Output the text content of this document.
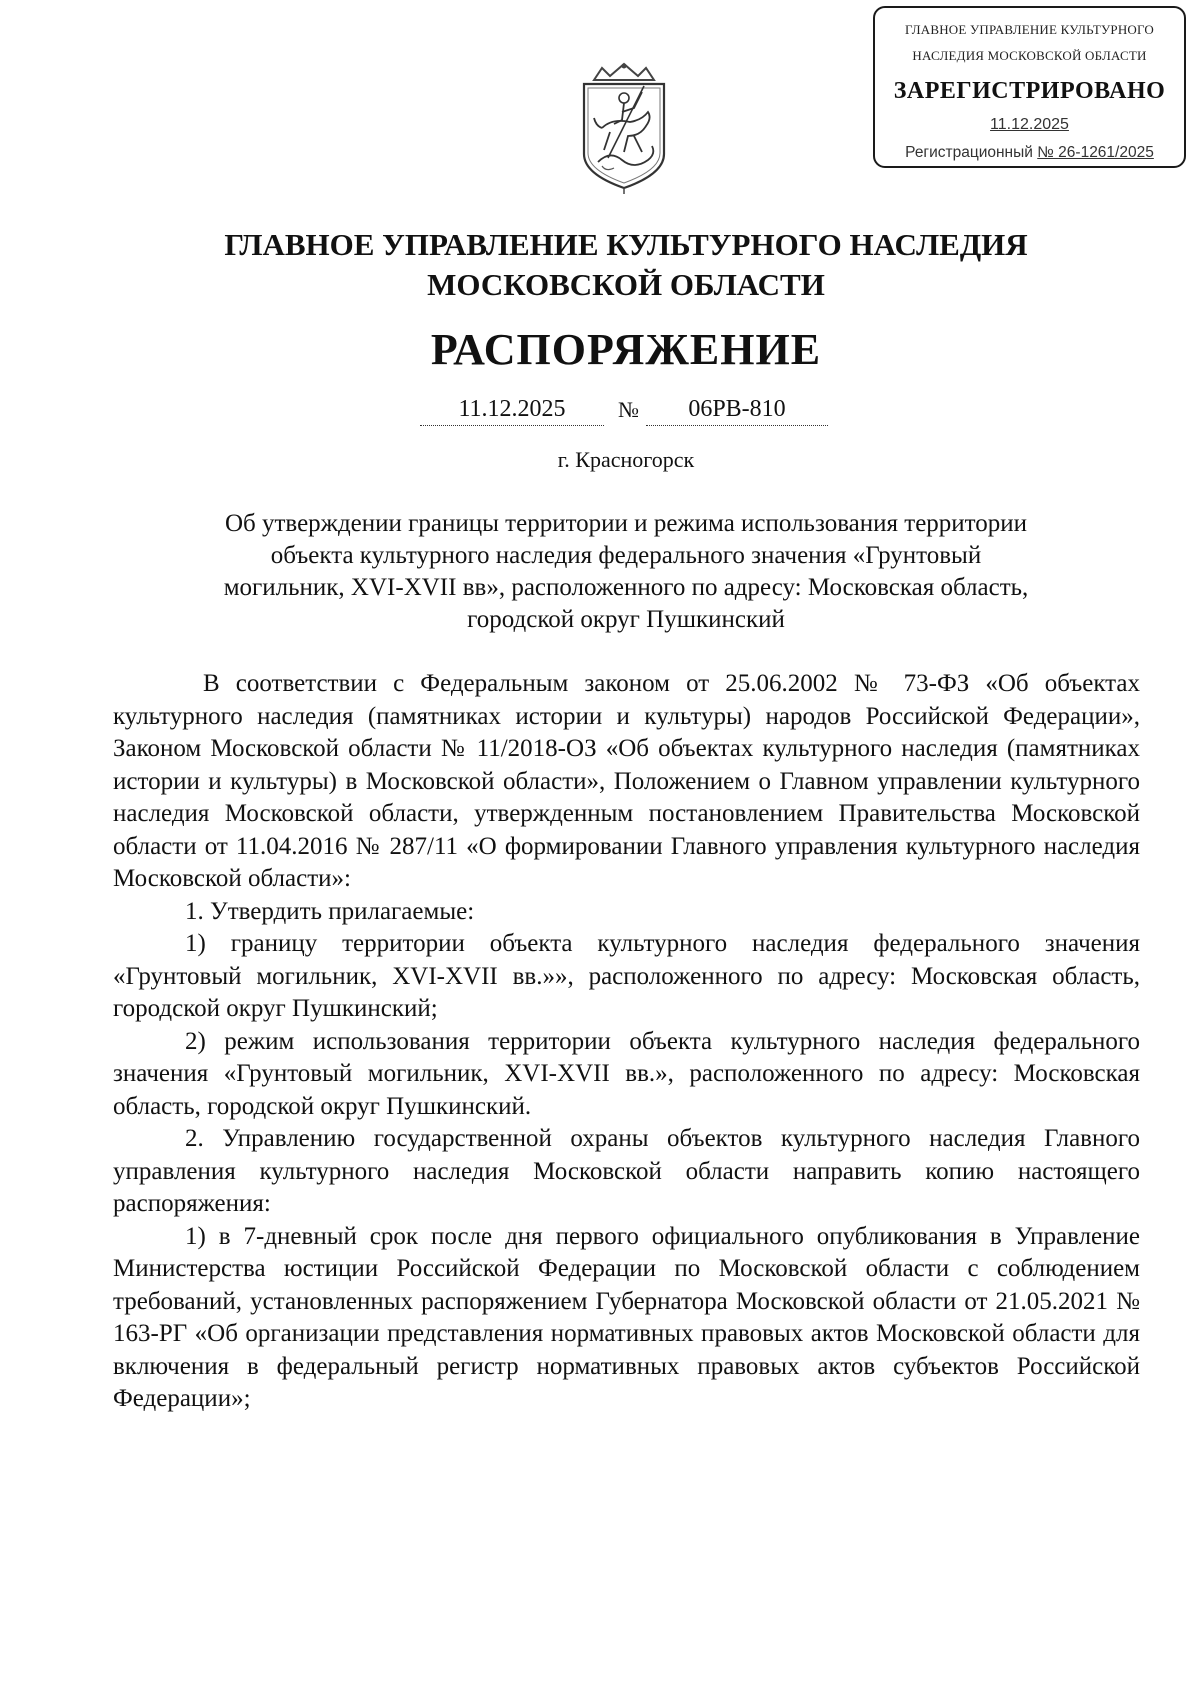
ГЛАВНОЕ УПРАВЛЕНИЕ КУЛЬТУРНОГО
НАСЛЕДИЯ МОСКОВСКОЙ ОБЛАСТИ
ЗАРЕГИСТРИРОВАНО
11.12.2025
Регистрационный № 26-1261/2025
ГЛАВНОЕ УПРАВЛЕНИЕ КУЛЬТУРНОГО НАСЛЕДИЯ
МОСКОВСКОЙ ОБЛАСТИ
РАСПОРЯЖЕНИЕ
11.12.2025	№	06РВ-810
г. Красногорск
Об утверждении границы территории и режима использования территории
объекта культурного наследия федерального значения «Грунтовый
могильник, XVI-XVII вв», расположенного по адресу: Московская область,
городской округ Пушкинский

В соответствии с Федеральным законом от 25.06.2002 № 73-ФЗ «Об объектах культурного наследия (памятниках истории и культуры) народов Российской Федерации», Законом Московской области № 11/2018-ОЗ «Об объектах культурного наследия (памятниках истории и культуры) в Московской области», Положением о Главном управлении культурного наследия Московской области, утвержденным постановлением Правительства Московской области от 11.04.2016 № 287/11 «О формировании Главного управления культурного наследия Московской области»:

1. Утвердить прилагаемые:

1) границу территории объекта культурного наследия федерального значения «Грунтовый могильник, XVI-XVII вв.»», расположенного по адресу: Московская область, городской округ Пушкинский;

2) режим использования территории объекта культурного наследия федерального значения «Грунтовый могильник, XVI-XVII вв.», расположенного по адресу: Московская область, городской округ Пушкинский.

2. Управлению государственной охраны объектов культурного наследия Главного управления культурного наследия Московской области направить копию настоящего распоряжения:

1) в 7-дневный срок после дня первого официального опубликования в Управление Министерства юстиции Российской Федерации по Московской области с соблюдением требований, установленных распоряжением Губернатора Московской области от 21.05.2021 № 163-РГ «Об организации представления нормативных правовых актов Московской области для включения в федеральный регистр нормативных правовых актов субъектов Российской Федерации»;
